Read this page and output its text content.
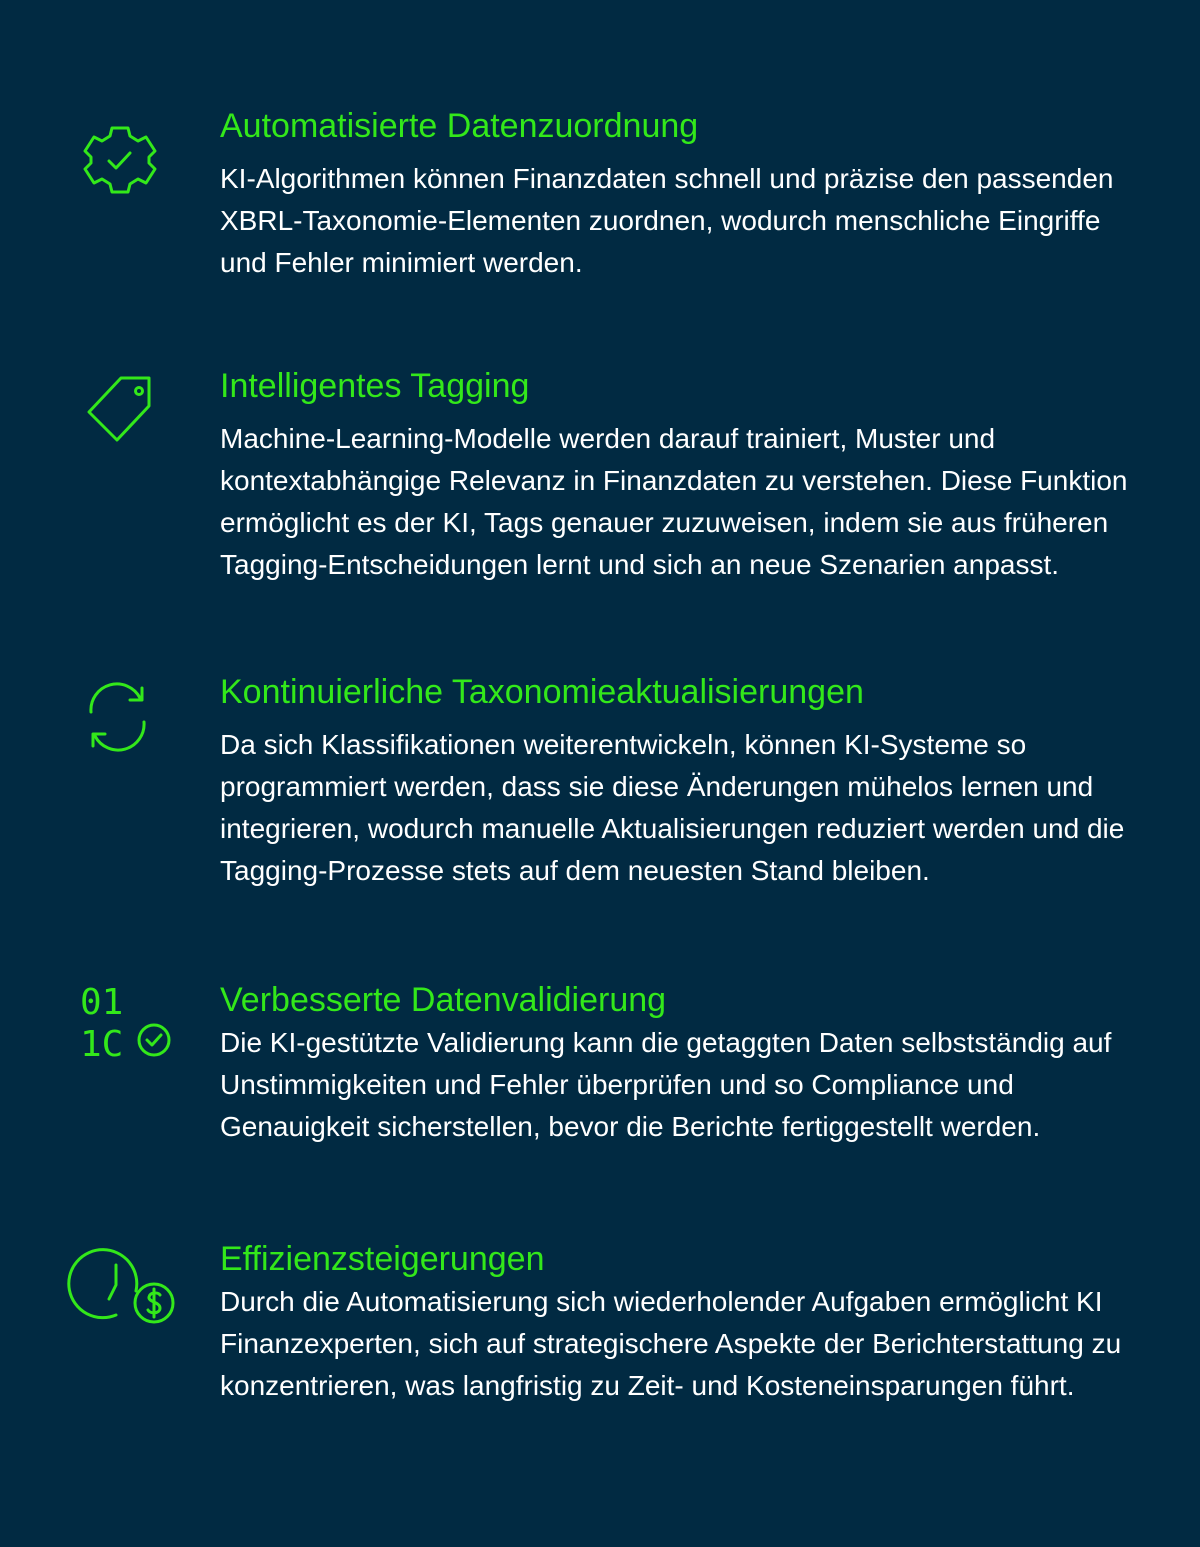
Automatisierte Datenzuordnung

KI-Algorithmen können Finanzdaten schnell und präzise den passenden XBRL-Taxonomie-Elementen zuordnen, wodurch menschliche Eingriffe und Fehler minimiert werden.

Intelligentes Tagging

Machine-Learning-Modelle werden darauf trainiert, Muster und kontextabhängige Relevanz in Finanzdaten zu verstehen. Diese Funktion ermöglicht es der KI, Tags genauer zuzuweisen, indem sie aus früheren Tagging-Entscheidungen lernt und sich an neue Szenarien anpasst.

Kontinuierliche Taxonomieaktualisierungen

Da sich Klassifikationen weiterentwickeln, können KI-Systeme so programmiert werden, dass sie diese Änderungen mühelos lernen und integrieren, wodurch manuelle Aktualisierungen reduziert werden und die Tagging-Prozesse stets auf dem neuesten Stand bleiben.

01
1C
Verbesserte Datenvalidierung

Die KI-gestützte Validierung kann die getaggten Daten selbstständig auf Unstimmigkeiten und Fehler überprüfen und so Compliance und Genauigkeit sicherstellen, bevor die Berichte fertiggestellt werden.

Effizienzsteigerungen

Durch die Automatisierung sich wiederholender Aufgaben ermöglicht KI Finanzexperten, sich auf strategischere Aspekte der Berichterstattung zu konzentrieren, was langfristig zu Zeit- und Kosteneinsparungen führt.
